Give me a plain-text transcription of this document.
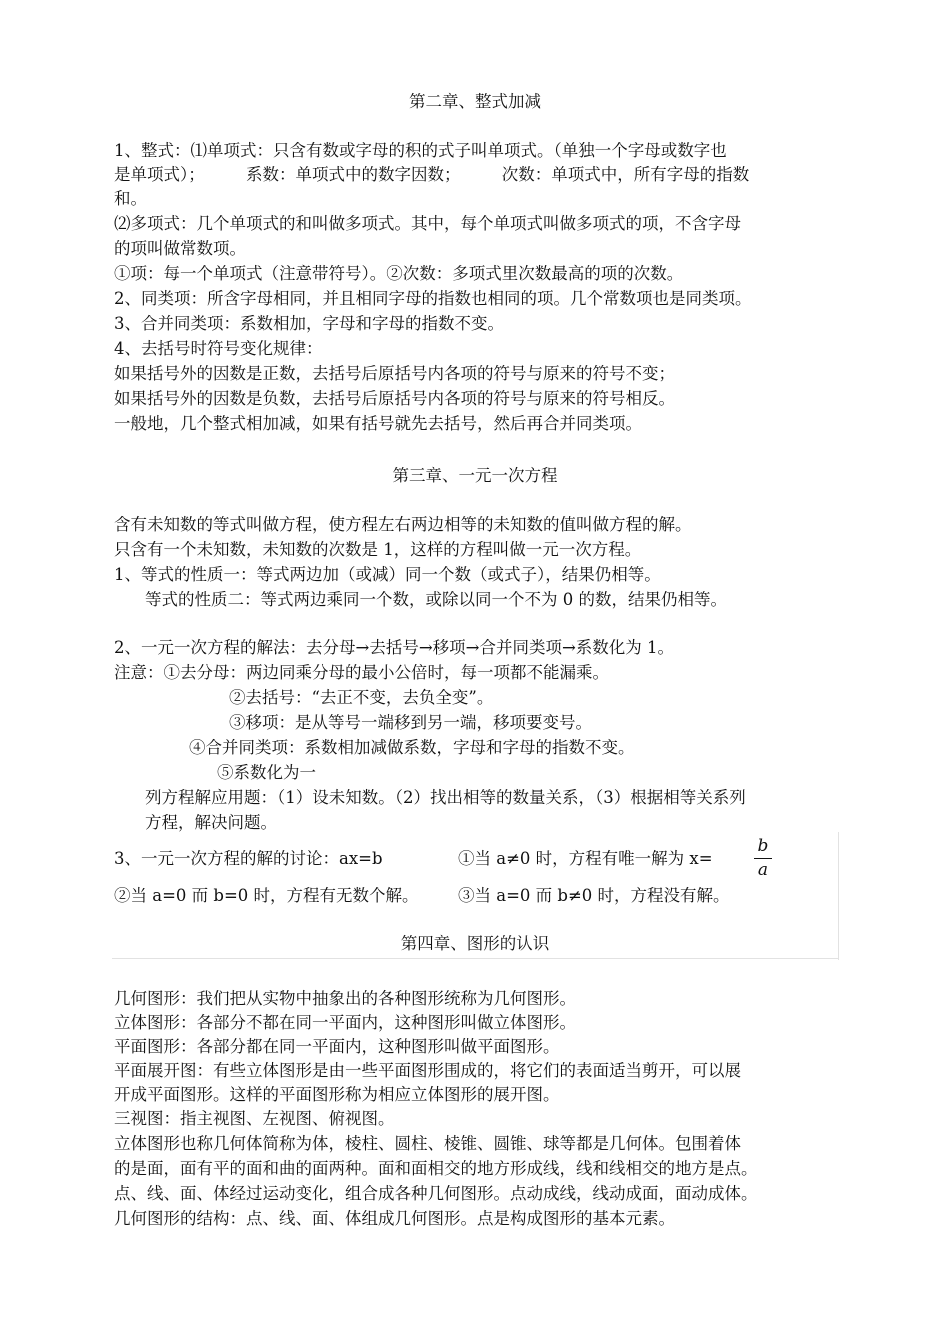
第二章、整式加减
1、整式：⑴单项式：只含有数或字母的积的式子叫单项式。（单独一个字母或数字也
是单项式）；　　　系数：单项式中的数字因数；　　　次数：单项式中，所有字母的指数
和。
⑵多项式：几个单项式的和叫做多项式。其中，每个单项式叫做多项式的项，不含字母
的项叫做常数项。
①项：每一个单项式（注意带符号）。②次数：多项式里次数最高的项的次数。
2、同类项：所含字母相同，并且相同字母的指数也相同的项。几个常数项也是同类项。
3、合并同类项：系数相加，字母和字母的指数不变。
4、去括号时符号变化规律：
如果括号外的因数是正数，去括号后原括号内各项的符号与原来的符号不变；
如果括号外的因数是负数，去括号后原括号内各项的符号与原来的符号相反。
一般地，几个整式相加减，如果有括号就先去括号，然后再合并同类项。
第三章、一元一次方程
含有未知数的等式叫做方程，使方程左右两边相等的未知数的值叫做方程的解。
只含有一个未知数，未知数的次数是 1，这样的方程叫做一元一次方程。
1、等式的性质一：等式两边加（或减）同一个数（或式子），结果仍相等。
等式的性质二：等式两边乘同一个数，或除以同一个不为 0 的数，结果仍相等。
2、一元一次方程的解法：去分母→去括号→移项→合并同类项→系数化为 1。
注意：①去分母：两边同乘分母的最小公倍时，每一项都不能漏乘。
②去括号：“去正不变，去负全变”。
③移项：是从等号一端移到另一端，移项要变号。
④合并同类项：系数相加减做系数，字母和字母的指数不变。
⑤系数化为一
列方程解应用题：（1）设未知数。（2）找出相等的数量关系，（3）根据相等关系列
方程，解决问题。
3、一元一次方程的解的讨论：ax=b	①当 a≠0 时，方程有唯一解为 x=
b
a
②当 a=0 而 b=0 时，方程有无数个解。 ③当 a=0 而 b≠0 时，方程没有解。
第四章、图形的认识
几何图形：我们把从实物中抽象出的各种图形统称为几何图形。
立体图形：各部分不都在同一平面内，这种图形叫做立体图形。
平面图形：各部分都在同一平面内，这种图形叫做平面图形。
平面展开图：有些立体图形是由一些平面图形围成的，将它们的表面适当剪开，可以展
开成平面图形。这样的平面图形称为相应立体图形的展开图。
三视图：指主视图、左视图、俯视图。
立体图形也称几何体简称为体，棱柱、圆柱、棱锥、圆锥、球等都是几何体。包围着体
的是面，面有平的面和曲的面两种。面和面相交的地方形成线，线和线相交的地方是点。
点、线、面、体经过运动变化，组合成各种几何图形。点动成线，线动成面，面动成体。
几何图形的结构：点、线、面、体组成几何图形。点是构成图形的基本元素。
